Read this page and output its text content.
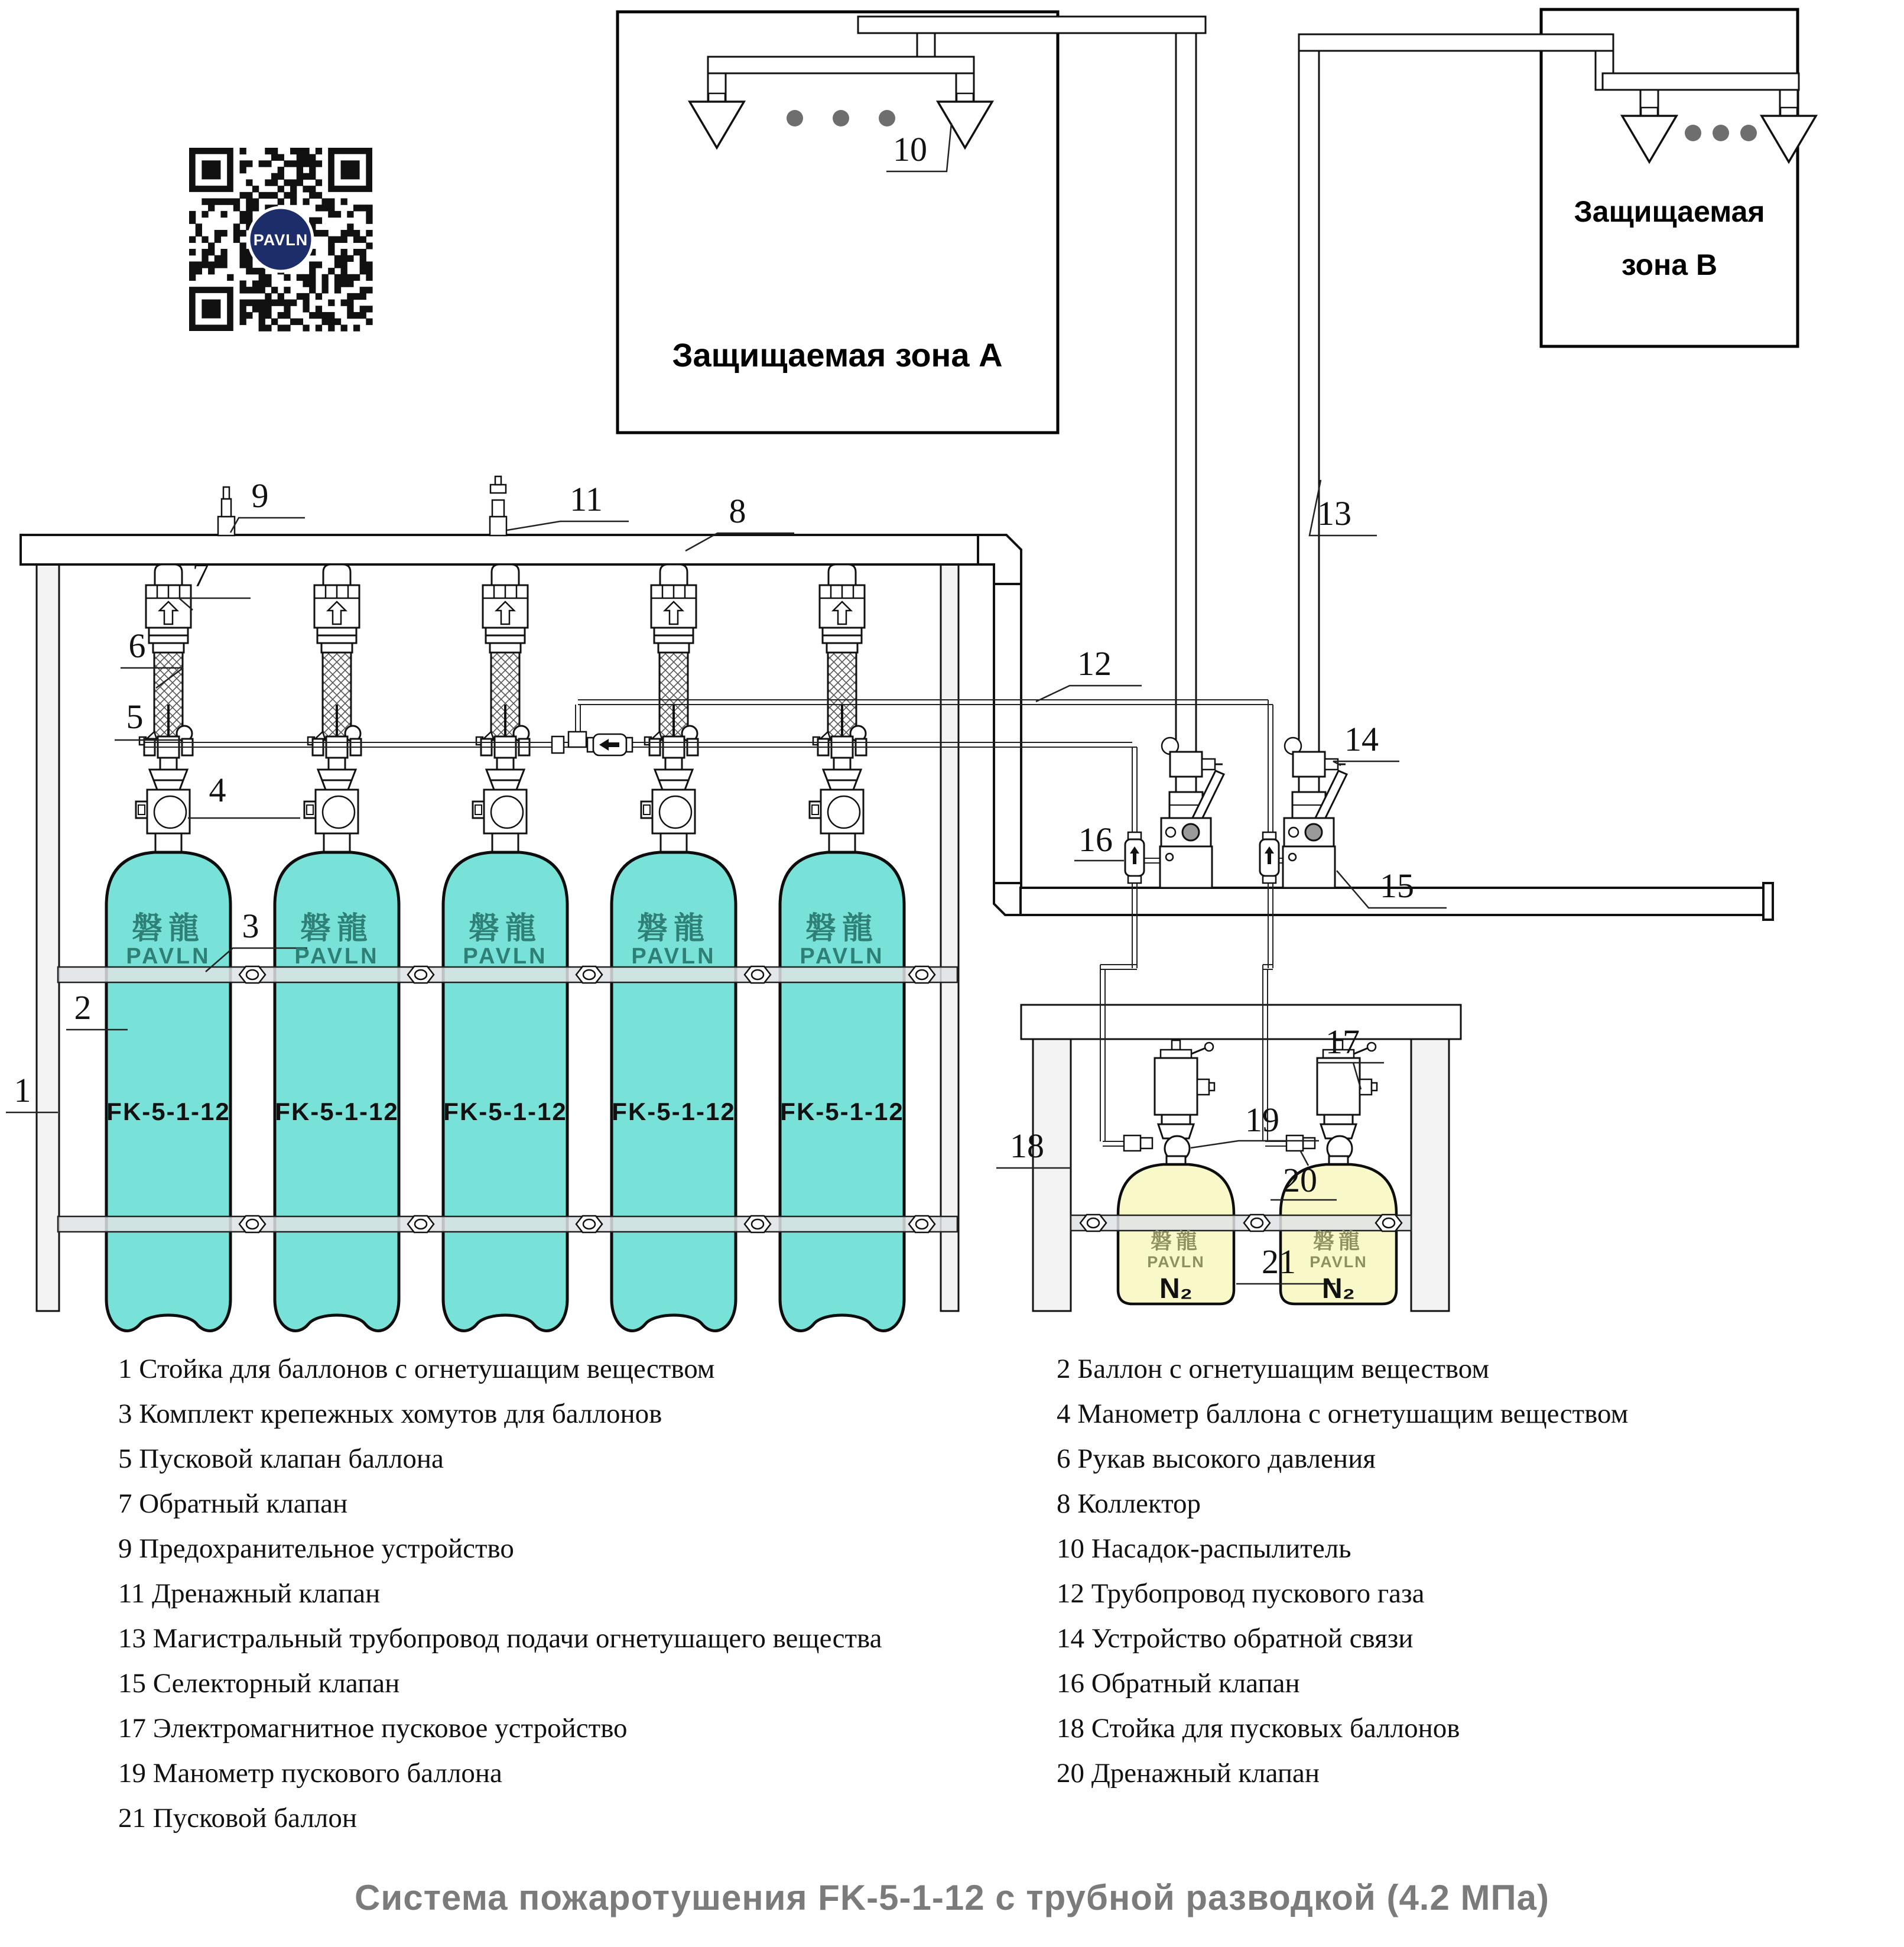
PAVLN
Защищаемая зона А
Защищаемая
зона B
磐龍	磐龍	磐龍	磐龍	磐龍
PAVLN	PAVLN	PAVLN	PAVLN	PAVLN
FK-5-1-12 FK-5-1-12 FK-5-1-12 FK-5-1-12 FK-5-1-12
磐龍	磐龍
PAVLN	PAVLN
N₂	N₂
1
2
3
4
5
6
7
8
9
10
11
12
13
14
15
16
17
18
19
20
21
1 Стойка для баллонов с огнетушащим веществом
3 Комплект крепежных хомутов для баллонов
5 Пусковой клапан баллона
7 Обратный клапан
9 Предохранительное устройство
11 Дренажный клапан
13 Магистральный трубопровод подачи огнетушащего вещества
15 Селекторный клапан
17 Электромагнитное пусковое устройство
19 Манометр пускового баллона
21 Пусковой баллон
2 Баллон с огнетушащим веществом
4 Манометр баллона с огнетушащим веществом
6 Рукав высокого давления
8 Коллектор
10 Насадок-распылитель
12 Трубопровод пускового газа
14 Устройство обратной связи
16 Обратный клапан
18 Стойка для пусковых баллонов
20 Дренажный клапан
Система пожаротушения FK-5-1-12 с трубной разводкой (4.2 МПа)
